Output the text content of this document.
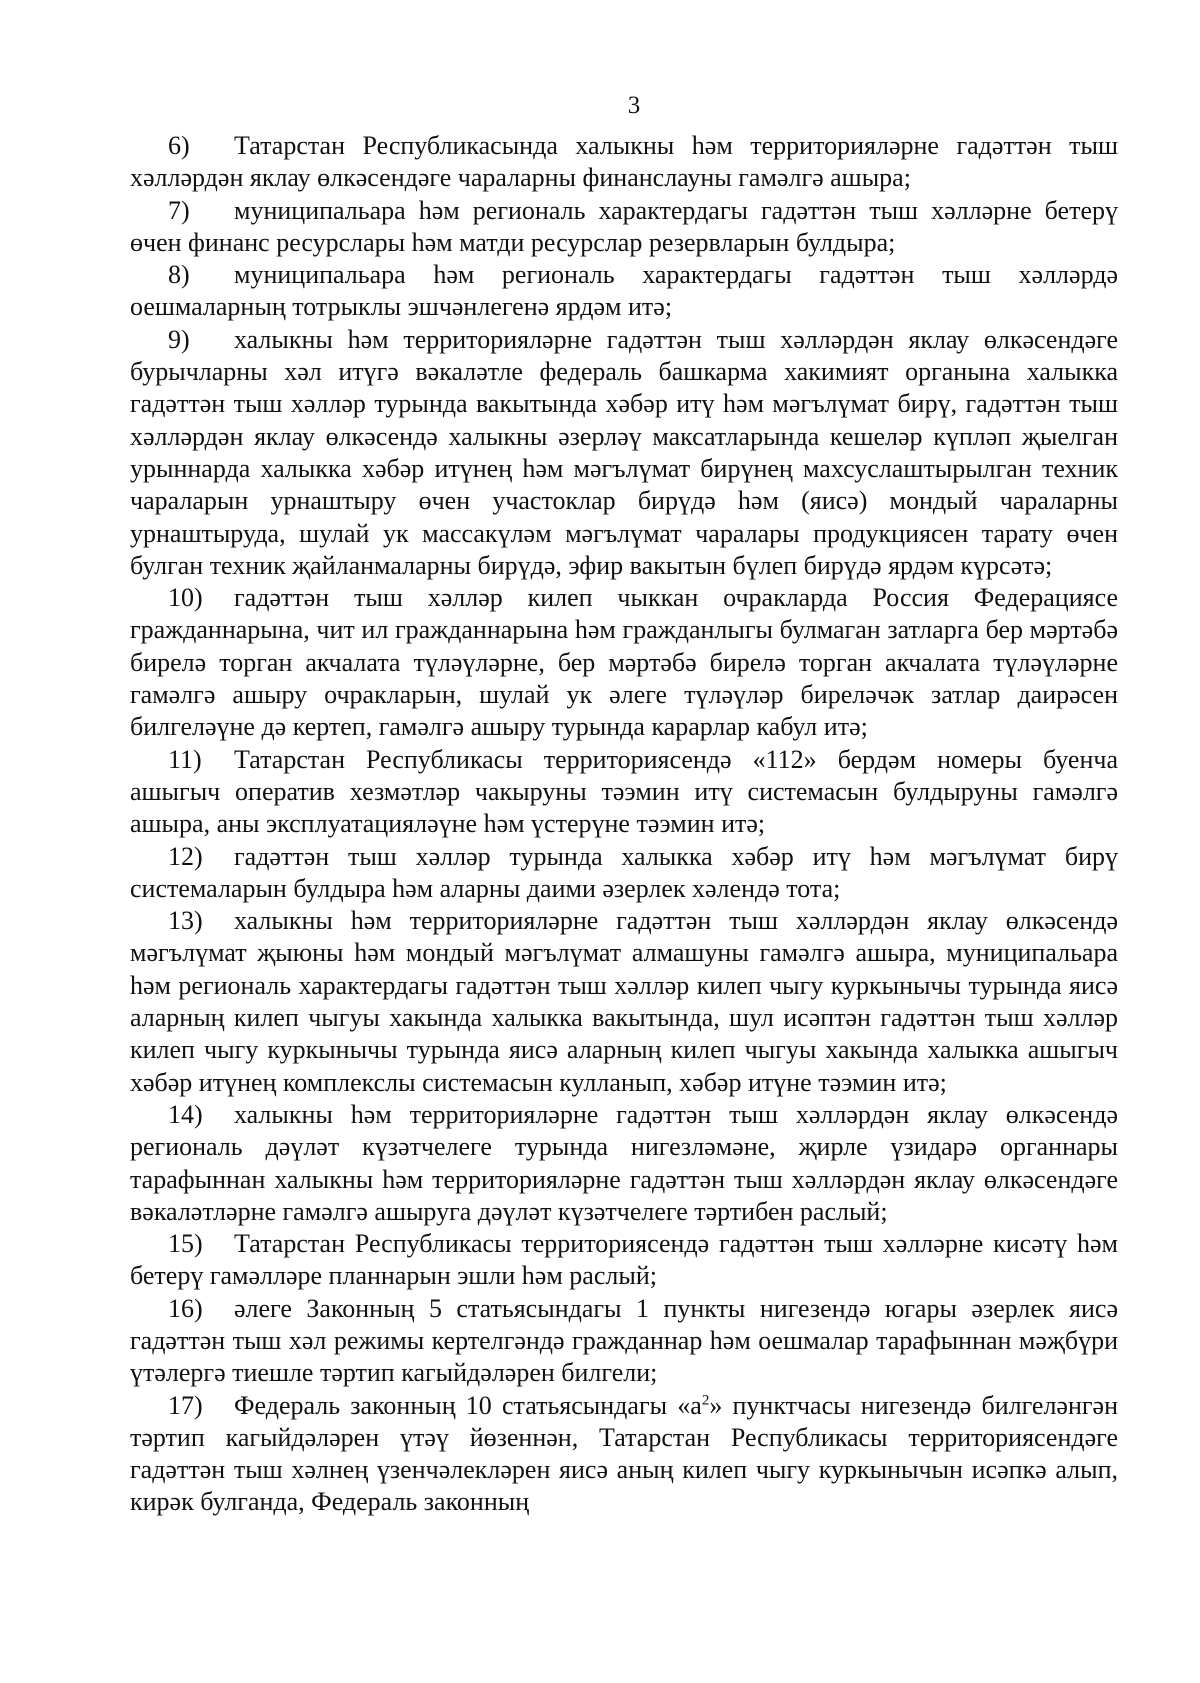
3

6) Татарстан Республикасында халыкны һәм территорияләрне гадәттән тыш хәлләрдән яклау өлкәсендәге чараларны финанслауны гамәлгә ашыра;

7) муниципальара һәм региональ характердагы гадәттән тыш хәлләрне бетерү өчен финанс ресурслары һәм матди ресурслар резервларын булдыра;

8) муниципальара һәм региональ характердагы гадәттән тыш хәлләрдә оешмаларның тотрыклы эшчәнлегенә ярдәм итә;

9) халыкны һәм территорияләрне гадәттән тыш хәлләрдән яклау өлкәсендәге бурычларны хәл итүгә вәкаләтле федераль башкарма хакимият органына халыкка гадәттән тыш хәлләр турында вакытында хәбәр итү һәм мәгълүмат бирү, гадәттән тыш хәлләрдән яклау өлкәсендә халыкны әзерләү максатларында кешеләр күпләп җыелган урыннарда халыкка хәбәр итүнең һәм мәгълүмат бирүнең махсуслаштырылган техник чараларын урнаштыру өчен участоклар бирүдә һәм (яисә) мондый чараларны урнаштыруда, шулай ук массакүләм мәгълүмат чаралары продукциясен тарату өчен булган техник җайланмаларны бирүдә, эфир вакытын бүлеп бирүдә ярдәм күрсәтә;

10) гадәттән тыш хәлләр килеп чыккан очракларда Россия Федерациясе гражданнарына, чит ил гражданнарына һәм гражданлыгы булмаган затларга бер мәртәбә бирелә торган акчалата түләүләрне, бер мәртәбә бирелә торган акчалата түләүләрне гамәлгә ашыру очракларын, шулай ук әлеге түләүләр биреләчәк затлар даирәсен билгеләүне дә кертеп, гамәлгә ашыру турында карарлар кабул итә;

11) Татарстан Республикасы территориясендә «112» бердәм номеры буенча ашыгыч оператив хезмәтләр чакыруны тәэмин итү системасын булдыруны гамәлгә ашыра, аны эксплуатацияләүне һәм үстерүне тәэмин итә;

12) гадәттән тыш хәлләр турында халыкка хәбәр итү һәм мәгълүмат бирү системаларын булдыра һәм аларны даими әзерлек хәлендә тота;

13) халыкны һәм территорияләрне гадәттән тыш хәлләрдән яклау өлкәсендә мәгълүмат җыюны һәм мондый мәгълүмат алмашуны гамәлгә ашыра, муниципальара һәм региональ характердагы гадәттән тыш хәлләр килеп чыгу куркынычы турында яисә аларның килеп чыгуы хакында халыкка вакытында, шул исәптән гадәттән тыш хәлләр килеп чыгу куркынычы турында яисә аларның килеп чыгуы хакында халыкка ашыгыч хәбәр итүнең комплекслы системасын кулланып, хәбәр итүне тәэмин итә;

14) халыкны һәм территорияләрне гадәттән тыш хәлләрдән яклау өлкәсендә региональ дәүләт күзәтчелеге турында нигезләмәне, җирле үзидарә органнары тарафыннан халыкны һәм территорияләрне гадәттән тыш хәлләрдән яклау өлкәсендәге вәкаләтләрне гамәлгә ашыруга дәүләт күзәтчелеге тәртибен раслый;

15) Татарстан Республикасы территориясендә гадәттән тыш хәлләрне кисәтү һәм бетерү гамәлләре планнарын эшли һәм раслый;

16) әлеге Законның 5 статьясындагы 1 пункты нигезендә югары әзерлек яисә гадәттән тыш хәл режимы кертелгәндә гражданнар һәм оешмалар тарафыннан мәҗбүри үтәлергә тиешле тәртип кагыйдәләрен билгели;

17) Федераль законның 10 статьясындагы «$а^2$» пунктчасы нигезендә билгеләнгән тәртип кагыйдәләрен үтәү йөзеннән, Татарстан Республикасы территориясендәге гадәттән тыш хәлнең үзенчәлекләрен яисә аның килеп чыгу куркынычын исәпкә алып, кирәк булганда, Федераль законның
